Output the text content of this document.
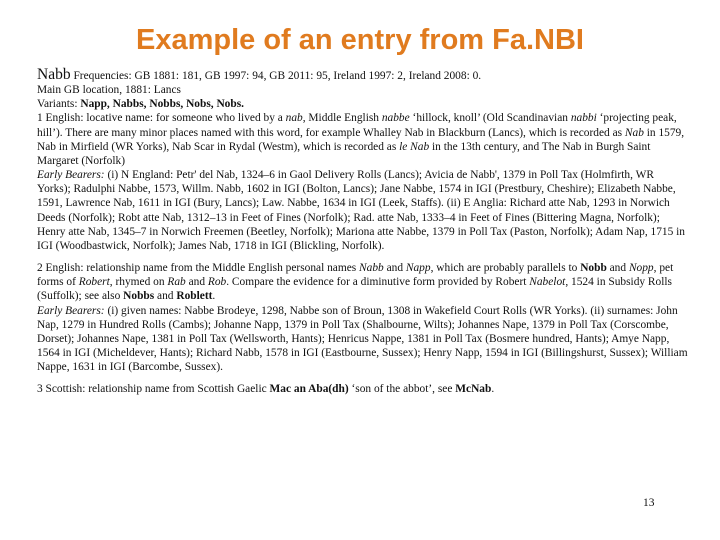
Example of an entry from Fa.NBI

Nabb Frequencies: GB 1881: 181, GB 1997: 94, GB 2011: 95, Ireland 1997: 2, Ireland 2008: 0.

Main GB location, 1881: Lancs

Variants: Napp, Nabbs, Nobbs, Nobs, Nobs.

1 English: locative name: for someone who lived by a nab, Middle English nabbe ‘hillock, knoll’ (Old Scandinavian nabbi ‘projecting peak, hill’). There are many minor places named with this word, for example Whalley Nab in Blackburn (Lancs), which is recorded as Nab in 1579, Nab in Mirfield (WR Yorks), Nab Scar in Rydal (Westm), which is recorded as le Nab in the 13th century, and The Nab in Burgh Saint Margaret (Norfolk)

Early Bearers: (i) N England: Petr' del Nab, 1324–6 in Gaol Delivery Rolls (Lancs); Avicia de Nabb', 1379 in Poll Tax (Holmfirth, WR Yorks); Radulphi Nabbe, 1573, Willm. Nabb, 1602 in IGI (Bolton, Lancs); Jane Nabbe, 1574 in IGI (Prestbury, Cheshire); Elizabeth Nabbe, 1591, Lawrence Nab, 1611 in IGI (Bury, Lancs); Law. Nabbe, 1634 in IGI (Leek, Staffs). (ii) E Anglia: Richard atte Nab, 1293 in Norwich Deeds (Norfolk); Robt atte Nab, 1312–13 in Feet of Fines (Norfolk); Rad. atte Nab, 1333–4 in Feet of Fines (Bittering Magna, Norfolk); Henry atte Nab, 1345–7 in Norwich Freemen (Beetley, Norfolk); Mariona atte Nabbe, 1379 in Poll Tax (Paston, Norfolk); Adam Nap, 1715 in IGI (Woodbastwick, Norfolk); James Nab, 1718 in IGI (Blickling, Norfolk).

2 English: relationship name from the Middle English personal names Nabb and Napp, which are probably parallels to Nobb and Nopp, pet forms of Robert, rhymed on Rab and Rob. Compare the evidence for a diminutive form provided by Robert Nabelot, 1524 in Subsidy Rolls (Suffolk); see also Nobbs and Roblett.

Early Bearers: (i) given names: Nabbe Brodeye, 1298, Nabbe son of Broun, 1308 in Wakefield Court Rolls (WR Yorks). (ii) surnames: John Nap, 1279 in Hundred Rolls (Cambs); Johanne Napp, 1379 in Poll Tax (Shalbourne, Wilts); Johannes Nape, 1379 in Poll Tax (Corscombe, Dorset); Johannes Nape, 1381 in Poll Tax (Wellsworth, Hants); Henricus Nappe, 1381 in Poll Tax (Bosmere hundred, Hants); Amye Napp, 1564 in IGI (Micheldever, Hants); Richard Nabb, 1578 in IGI (Eastbourne, Sussex); Henry Napp, 1594 in IGI (Billingshurst, Sussex); William Nappe, 1631 in IGI (Barcombe, Sussex).

3 Scottish: relationship name from Scottish Gaelic Mac an Aba(dh) ‘son of the abbot’, see McNab.

13
